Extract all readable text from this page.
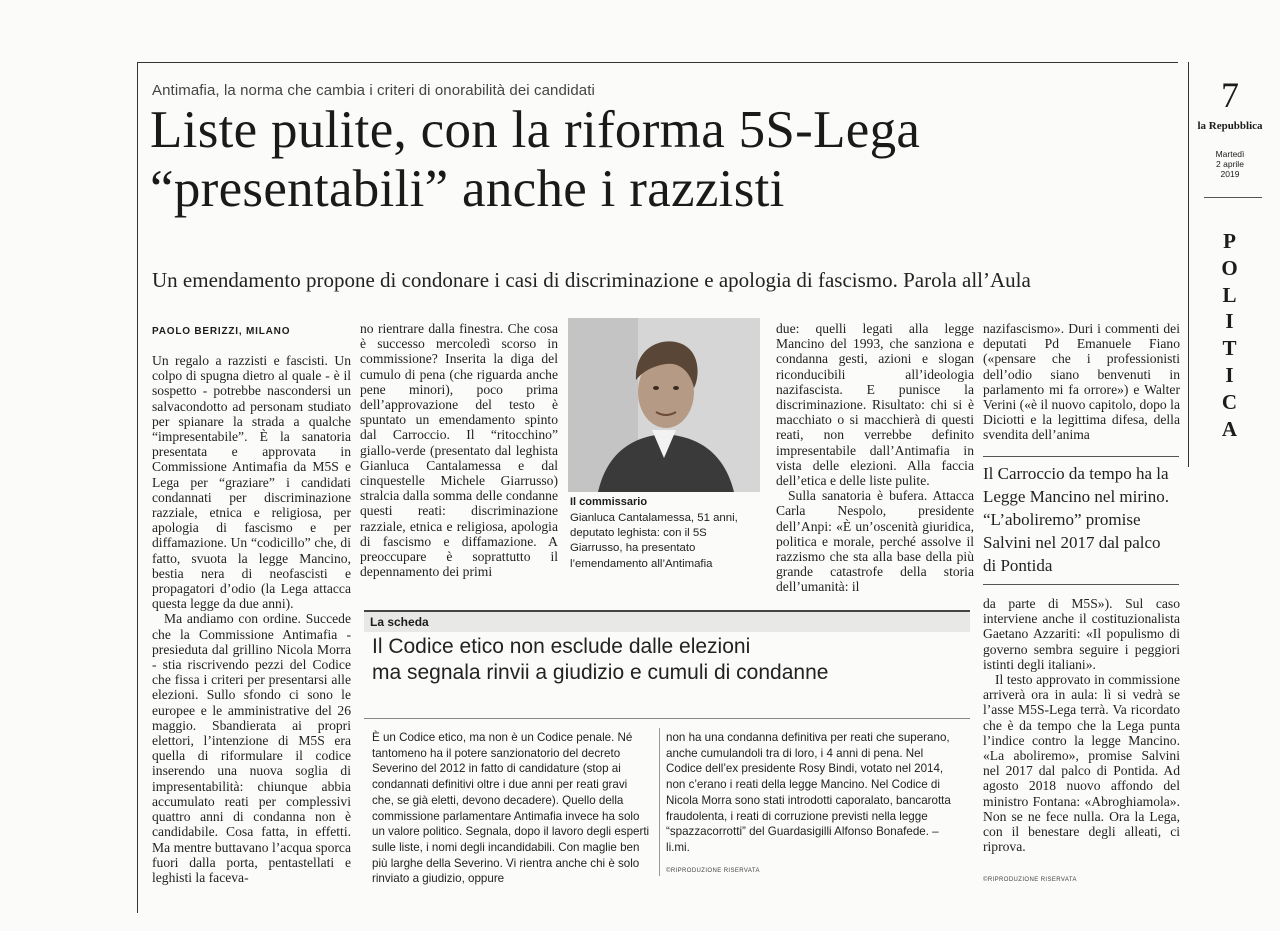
7
la Repubblica
Martedì
2 aprile
2019
P
O
L
I
T
I
C
A
Antimafia, la norma che cambia i criteri di onorabilità dei candidati
Liste pulite, con la riforma 5S-Lega
“presentabili” anche i razzisti
Un emendamento propone di condonare i casi di discriminazione e apologia di fascismo. Parola all’Aula
PAOLO BERIZZI, MILANO

Un regalo a razzisti e fascisti. Un colpo di spugna dietro al quale - è il sospetto - potrebbe nascondersi un salvacondotto ad personam studiato per spianare la strada a qualche “impresentabile”. È la sanatoria presentata e approvata in Commissione Antimafia da M5S e Lega per “graziare” i candidati condannati per discriminazione razziale, etnica e religiosa, per apologia di fascismo e per diffamazione. Un “codicillo” che, di fatto, svuota la legge Mancino, bestia nera di neofascisti e propagatori d’odio (la Lega attacca questa legge da due anni).

Ma andiamo con ordine. Succede che la Commissione Antimafia - presieduta dal grillino Nicola Morra - stia riscrivendo pezzi del Codice che fissa i criteri per presentarsi alle elezioni. Sullo sfondo ci sono le europee e le amministrative del 26 maggio. Sbandierata ai propri elettori, l’intenzione di M5S era quella di riformulare il codice inserendo una nuova soglia di impresentabilità: chiunque abbia accumulato reati per complessivi quattro anni di condanna non è candidabile. Cosa fatta, in effetti. Ma mentre buttavano l’acqua sporca fuori dalla porta, pentastellati e leghisti la faceva-

no rientrare dalla finestra. Che cosa è successo mercoledì scorso in commissione? Inserita la diga del cumulo di pena (che riguarda anche pene minori), poco prima dell’approvazione del testo è spuntato un emendamento spinto dal Carroccio. Il “ritocchino” giallo-verde (presentato dal leghista Gianluca Cantalamessa e dal cinquestelle Michele Giarrusso) stralcia dalla somma delle condanne questi reati: discriminazione razziale, etnica e religiosa, apologia di fascismo e diffamazione. A preoccupare è soprattutto il depennamento dei primi

Il commissario
Gianluca Cantalamessa, 51 anni, deputato leghista: con il 5S Giarrusso, ha presentato l’emendamento all’Antimafia

due: quelli legati alla legge Mancino del 1993, che sanziona e condanna gesti, azioni e slogan riconducibili all’ideologia nazifascista. E punisce la discriminazione. Risultato: chi si è macchiato o si macchierà di questi reati, non verrebbe definito impresentabile dall’Antimafia in vista delle elezioni. Alla faccia dell’etica e delle liste pulite.

Sulla sanatoria è bufera. Attacca Carla Nespolo, presidente dell’Anpi: «È un’oscenità giuridica, politica e morale, perché assolve il razzismo che sta alla base della più grande catastrofe della storia dell’umanità: il

nazifascismo». Duri i commenti dei deputati Pd Emanuele Fiano («pensare che i professionisti dell’odio siano benvenuti in parlamento mi fa orrore») e Walter Verini («è il nuovo capitolo, dopo la Diciotti e la legittima difesa, della svendita dell’anima

Il Carroccio da tempo ha la Legge Mancino nel mirino. “L’aboliremo” promise Salvini nel 2017 dal palco di Pontida

da parte di M5S»). Sul caso interviene anche il costituzionalista Gaetano Azzariti: «Il populismo di governo sembra seguire i peggiori istinti degli italiani».

Il testo approvato in commissione arriverà ora in aula: lì si vedrà se l’asse M5S-Lega terrà. Va ricordato che è da tempo che la Lega punta l’indice contro la legge Mancino. «La aboliremo», promise Salvini nel 2017 dal palco di Pontida. Ad agosto 2018 nuovo affondo del ministro Fontana: «Abroghiamola». Non se ne fece nulla. Ora la Lega, con il benestare degli alleati, ci riprova.

©RIPRODUZIONE RISERVATA
La scheda
Il Codice etico non esclude dalle elezioni
ma segnala rinvii a giudizio e cumuli di condanne
È un Codice etico, ma non è un Codice penale. Né tantomeno ha il potere sanzionatorio del decreto Severino del 2012 in fatto di candidature (stop ai condannati definitivi oltre i due anni per reati gravi che, se già eletti, devono decadere). Quello della commissione parlamentare Antimafia invece ha solo un valore politico. Segnala, dopo il lavoro degli esperti sulle liste, i nomi degli incandidabili. Con maglie ben più larghe della Severino. Vi rientra anche chi è solo rinviato a giudizio, oppure
non ha una condanna definitiva per reati che superano, anche cumulandoli tra di loro, i 4 anni di pena. Nel Codice dell’ex presidente Rosy Bindi, votato nel 2014, non c’erano i reati della legge Mancino. Nel Codice di Nicola Morra sono stati introdotti caporalato, bancarotta fraudolenta, i reati di corruzione previsti nella legge “spazzacorrotti” del Guardasigilli Alfonso Bonafede. – li.mi.
©RIPRODUZIONE RISERVATA
